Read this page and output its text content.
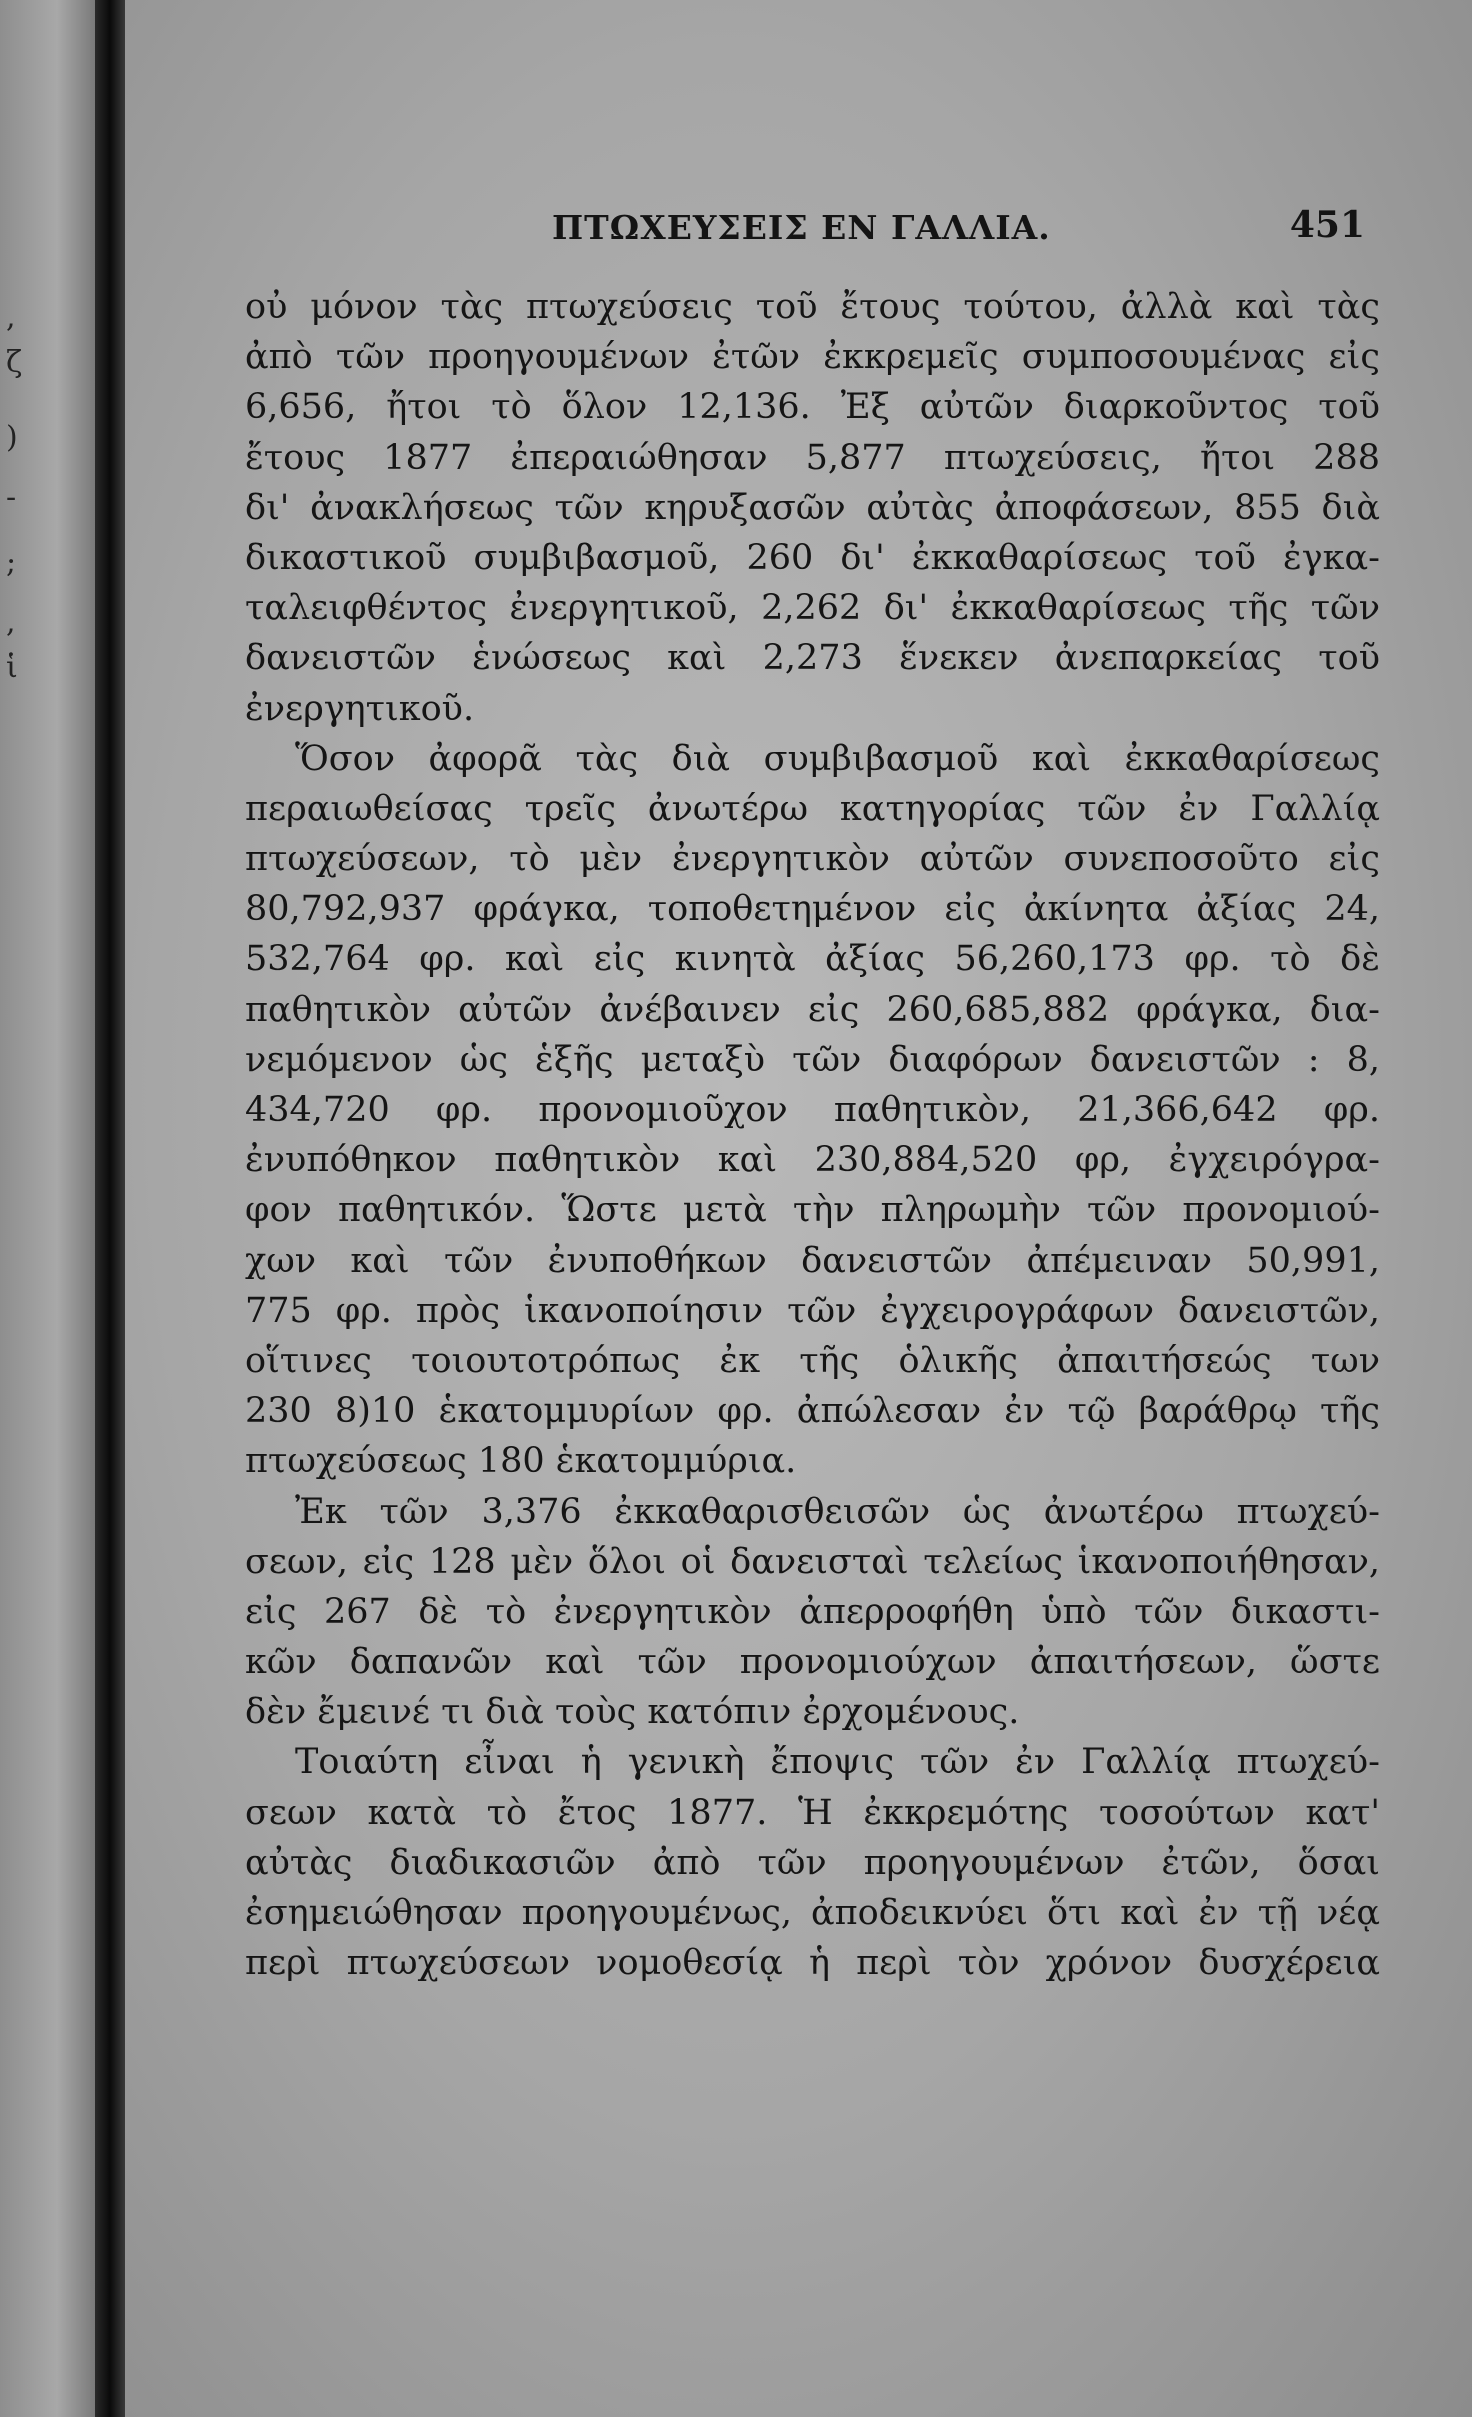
,
ζ
)
-
;
,
ἱ
ΠΤΩΧΕΥΣΕΙΣ ΕΝ ΓΑΛΛΙΑ.	451
οὐ μόνον τὰς πτωχεύσεις τοῦ ἔτους τούτου, ἀλλὰ καὶ τὰς
ἀπὸ τῶν προηγουμένων ἐτῶν ἐκκρεμεῖς συμποσουμένας εἰς
6,656, ἤτοι τὸ ὅλον 12,136. Ἐξ αὐτῶν διαρκοῦντος τοῦ
ἔτους 1877 ἐπεραιώθησαν 5,877 πτωχεύσεις, ἤτοι 288
δι' ἀνακλήσεως τῶν κηρυξασῶν αὐτὰς ἀποφάσεων, 855 διὰ
δικαστικοῦ συμβιβασμοῦ, 260 δι' ἐκκαθαρίσεως τοῦ ἐγκα-
ταλειφθέντος ἐνεργητικοῦ, 2,262 δι' ἐκκαθαρίσεως τῆς τῶν
δανειστῶν ἑνώσεως καὶ 2,273 ἕνεκεν ἀνεπαρκείας τοῦ
ἐνεργητικοῦ.
Ὅσον ἀφορᾶ τὰς διὰ συμβιβασμοῦ καὶ ἐκκαθαρίσεως
περαιωθείσας τρεῖς ἀνωτέρω κατηγορίας τῶν ἐν Γαλλίᾳ
πτωχεύσεων, τὸ μὲν ἐνεργητικὸν αὐτῶν συνεποσοῦτο εἰς
80,792,937 φράγκα, τοποθετημένον εἰς ἀκίνητα ἀξίας 24,
532,764 φρ. καὶ εἰς κινητὰ ἀξίας 56,260,173 φρ. τὸ δὲ
παθητικὸν αὐτῶν ἀνέβαινεν εἰς 260,685,882 φράγκα, δια-
νεμόμενον ὡς ἑξῆς μεταξὺ τῶν διαφόρων δανειστῶν : 8,
434,720 φρ. προνομιοῦχον παθητικὸν, 21,366,642 φρ.
ἐνυπόθηκον παθητικὸν καὶ 230,884,520 φρ, ἐγχειρόγρα-
φον παθητικόν. Ὥστε μετὰ τὴν πληρωμὴν τῶν προνομιού-
χων καὶ τῶν ἐνυποθήκων δανειστῶν ἀπέμειναν 50,991,
775 φρ. πρὸς ἱκανοποίησιν τῶν ἐγχειρογράφων δανειστῶν,
οἵτινες τοιουτοτρόπως ἐκ τῆς ὁλικῆς ἀπαιτήσεώς των
230 8)10 ἑκατομμυρίων φρ. ἀπώλεσαν ἐν τῷ βαράθρῳ τῆς
πτωχεύσεως 180 ἑκατομμύρια.
Ἐκ τῶν 3,376 ἐκκαθαρισθεισῶν ὡς ἀνωτέρω πτωχεύ-
σεων, εἰς 128 μὲν ὅλοι οἱ δανεισταὶ τελείως ἱκανοποιήθησαν,
εἰς 267 δὲ τὸ ἐνεργητικὸν ἀπερροφήθη ὑπὸ τῶν δικαστι-
κῶν δαπανῶν καὶ τῶν προνομιούχων ἀπαιτήσεων, ὥστε
δὲν ἔμεινέ τι διὰ τοὺς κατόπιν ἐρχομένους.
Τοιαύτη εἶναι ἡ γενικὴ ἔποψις τῶν ἐν Γαλλίᾳ πτωχεύ-
σεων κατὰ τὸ ἔτος 1877. Ἡ ἐκκρεμότης τοσούτων κατ'
αὐτὰς διαδικασιῶν ἀπὸ τῶν προηγουμένων ἐτῶν, ὅσαι
ἐσημειώθησαν προηγουμένως, ἀποδεικνύει ὅτι καὶ ἐν τῇ νέᾳ
περὶ πτωχεύσεων νομοθεσίᾳ ἡ περὶ τὸν χρόνον δυσχέρεια
